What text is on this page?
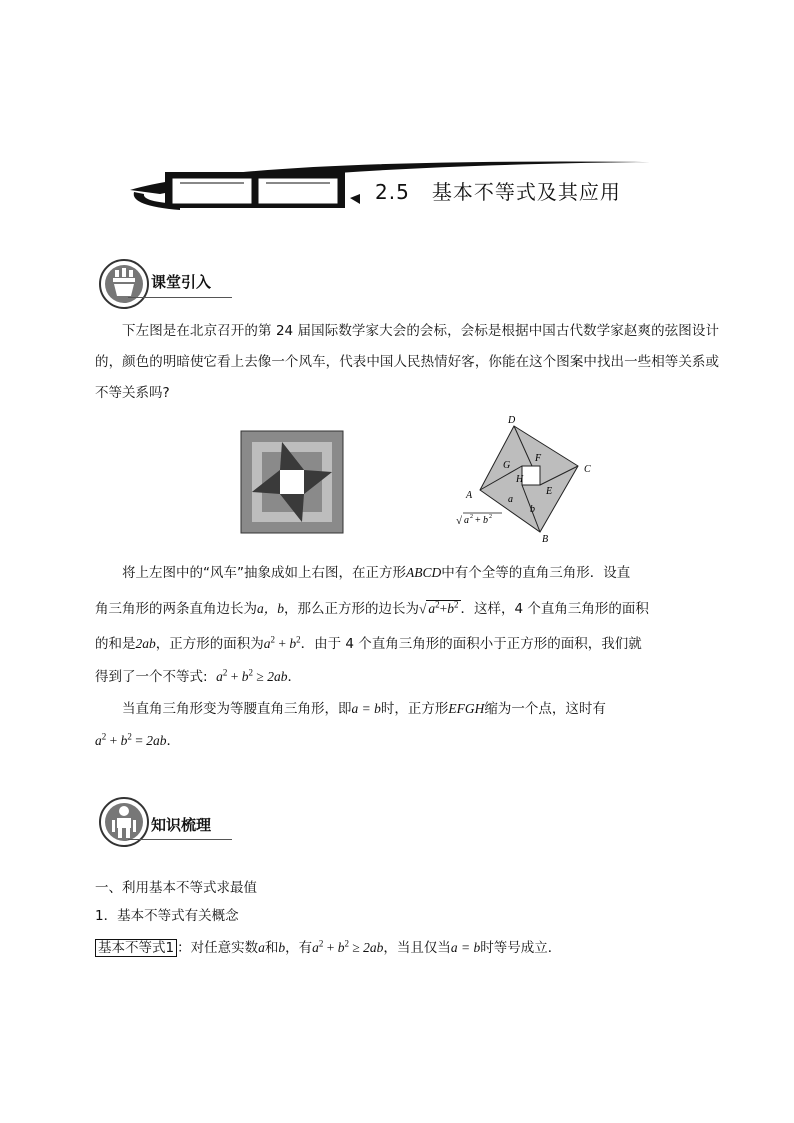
2.5 基本不等式及其应用
课堂引入

下左图是在北京召开的第 24 届国际数学家大会的会标，会标是根据中国古代数学家赵爽的弦图设计的，颜色的明暗使它看上去像一个风车，代表中国人民热情好客，你能在这个图案中找出一些相等关系或不等关系吗?

D
C
A
B
G
F
H
E
a
b
√ a 2 + b 2
将上左图中的“风车”抽象成如上右图，在正方形ABCD中有个全等的直角三角形．设直
角三角形的两条直角边长为a，b，那么正方形的边长为√ $a^2+b^2$ ．这样，4 个直角三角形的面积
的和是2ab，正方形的面积为$a^2 + b^2$．由于 4 个直角三角形的面积小于正方形的面积，我们就
得到了一个不等式: $a^2 + b^2 \ge 2ab$．
当直角三角形变为等腰直角三角形，即a = b时，正方形EFGH缩为一个点，这时有
$a^2 + b^2 = 2ab$．
知识梳理
一、利用基本不等式求最值
1．基本不等式有关概念
基本不等式1 ：对任意实数a和b，有$a^2 + b^2 \ge 2ab$，当且仅当a = b时等号成立．
